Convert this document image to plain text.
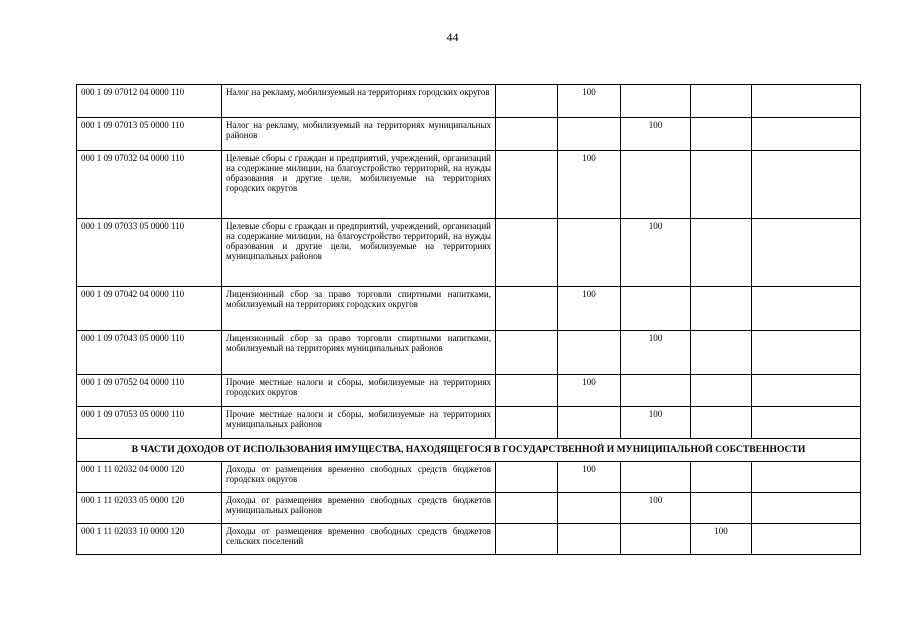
44
000 1 09 07012 04 0000 110	Налог на рекламу, мобилизуемый на территориях городских округов		100			
000 1 09 07013 05 0000 110	Налог на рекламу, мобилизуемый на территориях муниципальных районов			100		
000 1 09 07032 04 0000 110	Целевые сборы с граждан и предприятий, учреждений, организаций на содержание милиции, на благоустройство территорий, на нужды образования и другие цели, мобилизуемые на территориях городских округов		100			
000 1 09 07033 05 0000 110	Целевые сборы с граждан и предприятий, учреждений, организаций на содержание милиции, на благоустройство территорий, на нужды образования и другие цели, мобилизуемые на территориях муниципальных районов			100		
000 1 09 07042 04 0000 110	Лицензионный сбор за право торговли спиртными напитками, мобилизуемый на территориях городских округов		100			
000 1 09 07043 05 0000 110	Лицензионный сбор за право торговли спиртными напитками, мобилизуемый на территориях муниципальных районов			100		
000 1 09 07052 04 0000 110	Прочие местные налоги и сборы, мобилизуемые на территориях городских округов		100			
000 1 09 07053 05 0000 110	Прочие местные налоги и сборы, мобилизуемые на территориях муниципальных районов			100		
В ЧАСТИ ДОХОДОВ ОТ ИСПОЛЬЗОВАНИЯ ИМУЩЕСТВА, НАХОДЯЩЕГОСЯ В ГОСУДАРСТВЕННОЙ И МУНИЦИПАЛЬНОЙ СОБСТВЕННОСТИ						
000 1 11 02032 04 0000 120	Доходы от размещения временно свободных средств бюджетов городских округов		100			
000 1 11 02033 05 0000 120	Доходы от размещения временно свободных средств бюджетов муниципальных районов			100		
000 1 11 02033 10 0000 120	Доходы от размещения временно свободных средств бюджетов сельских поселений				100	
